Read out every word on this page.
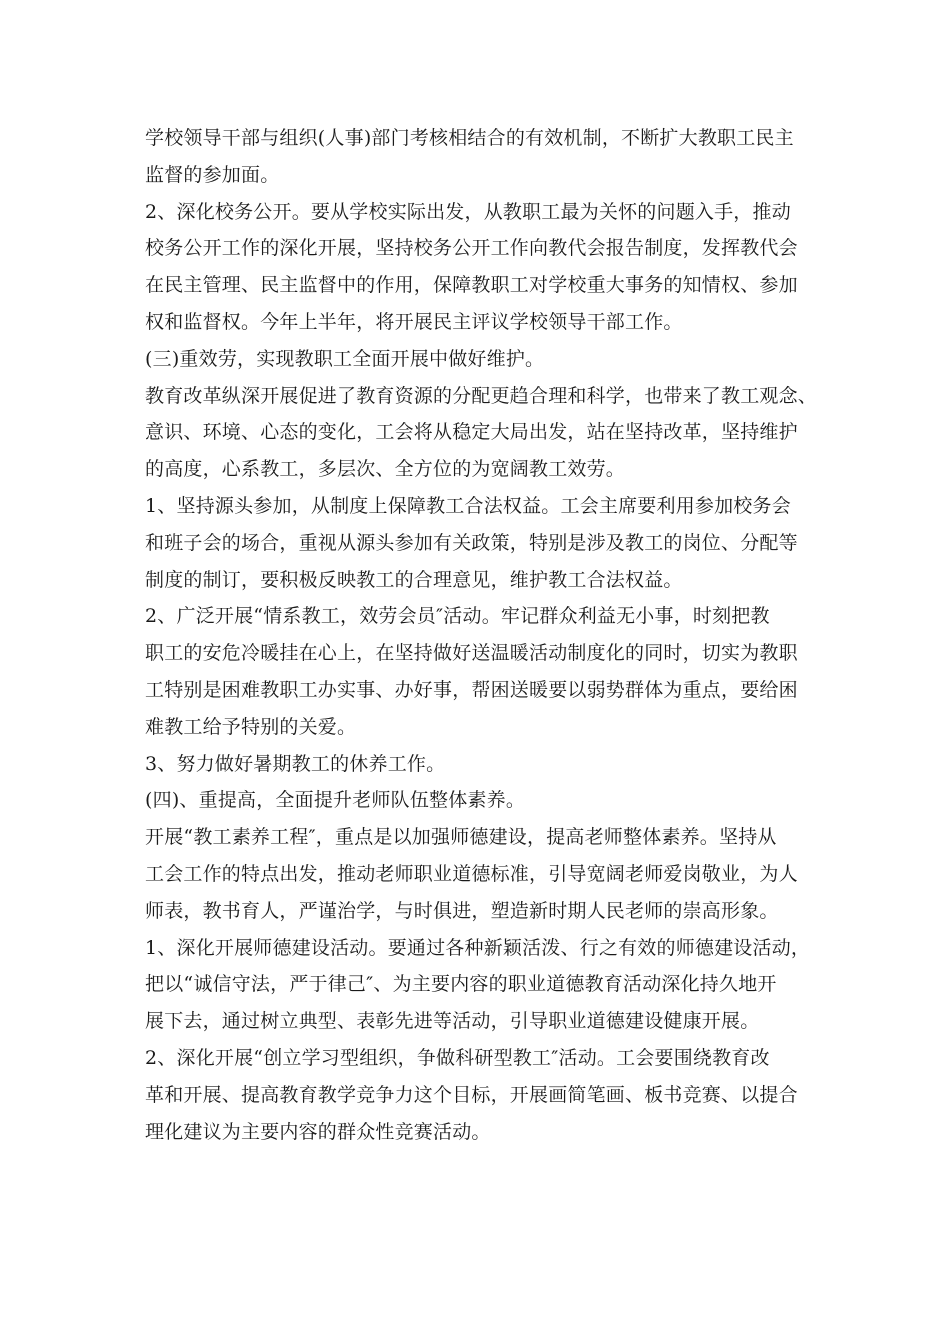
学校领导干部与组织(人事)部门考核相结合的有效机制，不断扩大教职工民主
监督的参加面。
2、深化校务公开。要从学校实际出发，从教职工最为关怀的问题入手，推动
校务公开工作的深化开展，坚持校务公开工作向教代会报告制度，发挥教代会
在民主管理、民主监督中的作用，保障教职工对学校重大事务的知情权、参加
权和监督权。今年上半年，将开展民主评议学校领导干部工作。
(三)重效劳，实现教职工全面开展中做好维护。
教育改革纵深开展促进了教育资源的分配更趋合理和科学，也带来了教工观念、
意识、环境、心态的变化，工会将从稳定大局出发，站在坚持改革，坚持维护
的高度，心系教工，多层次、全方位的为宽阔教工效劳。
1、坚持源头参加，从制度上保障教工合法权益。工会主席要利用参加校务会
和班子会的场合，重视从源头参加有关政策，特别是涉及教工的岗位、分配等
制度的制订，要积极反映教工的合理意见，维护教工合法权益。
2、广泛开展“情系教工，效劳会员″活动。牢记群众利益无小事，时刻把教
职工的安危冷暖挂在心上，在坚持做好送温暖活动制度化的同时，切实为教职
工特别是困难教职工办实事、办好事，帮困送暖要以弱势群体为重点，要给困
难教工给予特别的关爱。
3、努力做好暑期教工的休养工作。
(四)、重提高，全面提升老师队伍整体素养。
开展“教工素养工程″，重点是以加强师德建设，提高老师整体素养。坚持从
工会工作的特点出发，推动老师职业道德标准，引导宽阔老师爱岗敬业，为人
师表，教书育人，严谨治学，与时俱进，塑造新时期人民老师的崇高形象。
1、深化开展师德建设活动。要通过各种新颖活泼、行之有效的师德建设活动，
把以“诚信守法，严于律己″、为主要内容的职业道德教育活动深化持久地开
展下去，通过树立典型、表彰先进等活动，引导职业道德建设健康开展。
2、深化开展“创立学习型组织，争做科研型教工″活动。工会要围绕教育改
革和开展、提高教育教学竞争力这个目标，开展画简笔画、板书竞赛、以提合
理化建议为主要内容的群众性竞赛活动。
